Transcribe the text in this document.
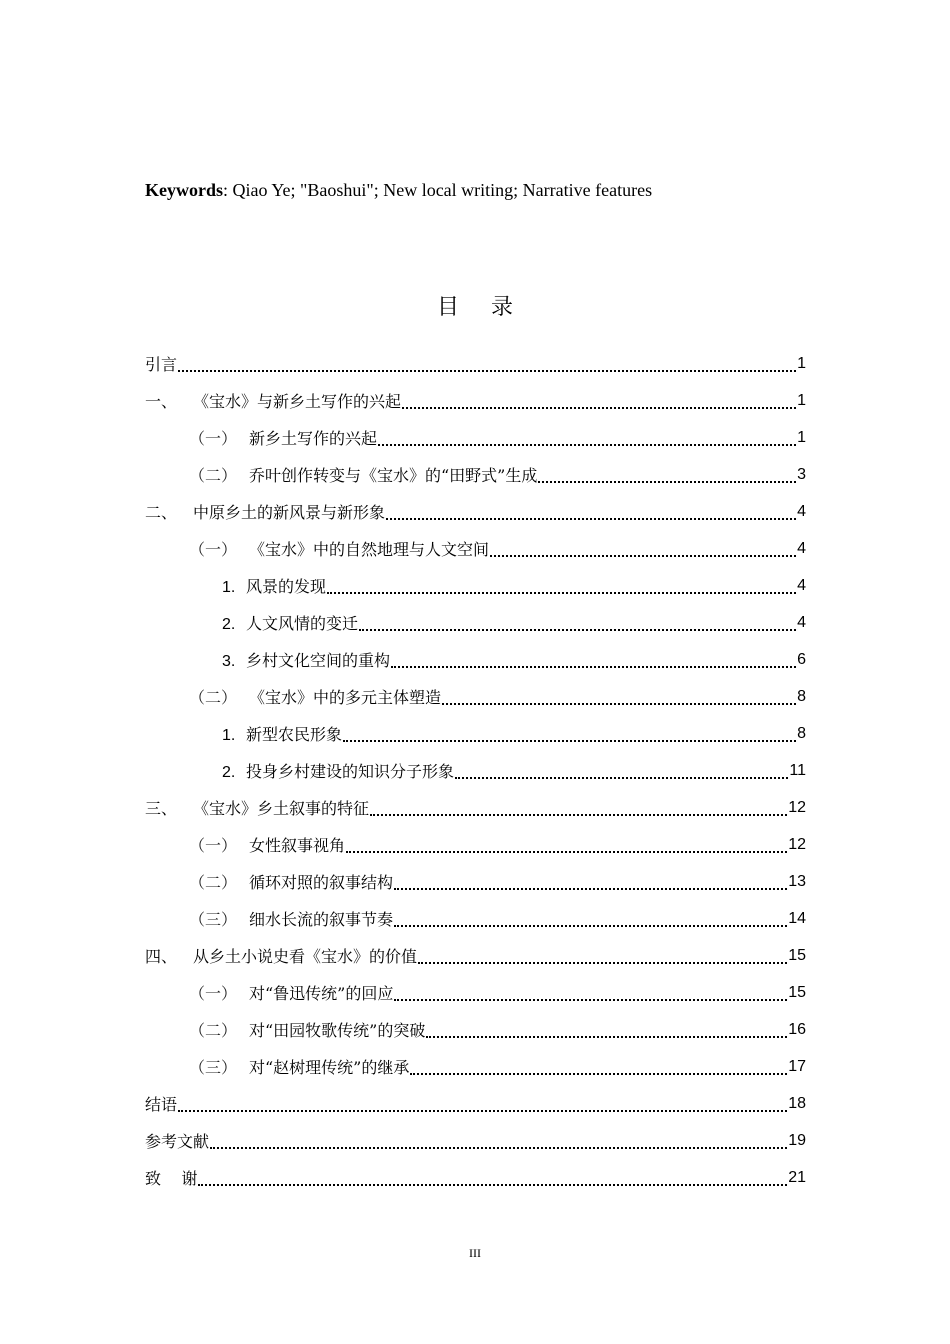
Keywords: Qiao Ye; "Baoshui"; New local writing; Narrative features
目录
引言	1
一、 《宝水》与新乡土写作的兴起	1
（一） 新乡土写作的兴起	1
（二） 乔叶创作转变与《宝水》的“田野式”生成	3
二、 中原乡土的新风景与新形象	4
（一） 《宝水》中的自然地理与人文空间	4
1. 风景的发现	4
2. 人文风情的变迁	4
3. 乡村文化空间的重构	6
（二） 《宝水》中的多元主体塑造	8
1. 新型农民形象	8
2. 投身乡村建设的知识分子形象	11
三、 《宝水》乡土叙事的特征	12
（一） 女性叙事视角	12
（二） 循环对照的叙事结构	13
（三） 细水长流的叙事节奏	14
四、 从乡土小说史看《宝水》的价值	15
（一） 对“鲁迅传统”的回应	15
（二） 对“田园牧歌传统”的突破	16
（三） 对“赵树理传统”的继承	17
结语	18
参考文献	19
致    谢	21
III
